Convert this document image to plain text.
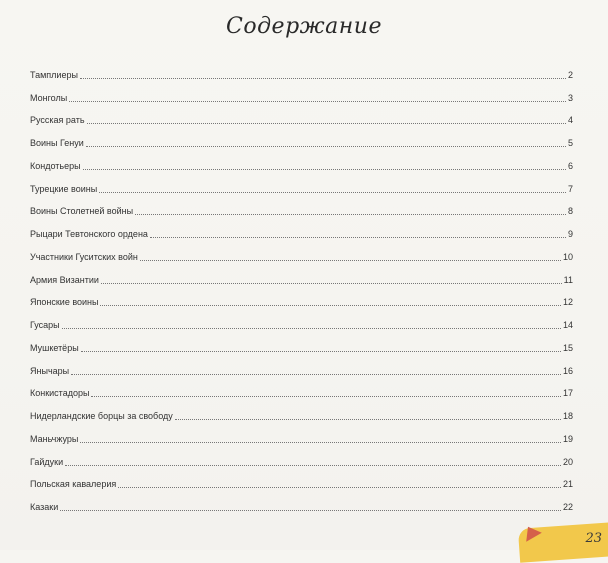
Содержание
Тамплиеры	2
Монголы	3
Русская рать	4
Воины Генуи	5
Кондотьеры	6
Турецкие воины	7
Воины Столетней войны	8
Рыцари Тевтонского ордена	9
Участники Гуситских войн	10
Армия Византии	11
Японские воины	12
Гусары	14
Мушкетёры	15
Янычары	16
Конкистадоры	17
Нидерландские борцы за свободу	18
Маньчжуры	19
Гайдуки	20
Польская кавалерия	21
Казаки	22
23
